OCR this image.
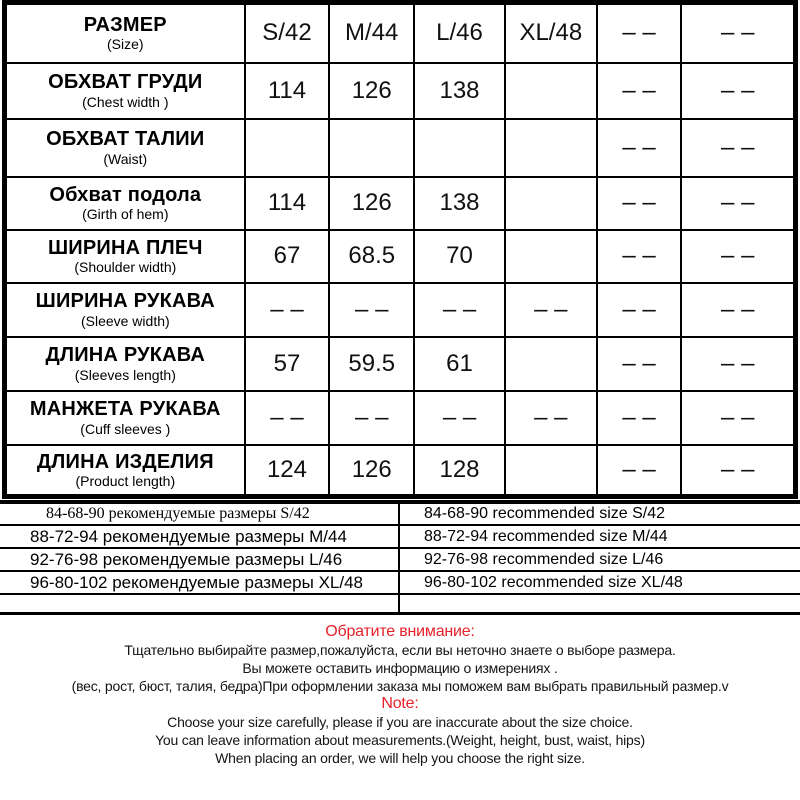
РАЗМЕР
(Size)	S/42	M/44	L/46	XL/48	– –	– –

ОБХВАТ ГРУДИ
(Chest width )	114	126	138		– –	– –

ОБХВАТ ТАЛИИ
(Waist)					– –	– –

Обхват подола
(Girth of hem)	114	126	138		– –	– –

ШИРИНА ПЛЕЧ
(Shoulder width)	67	68.5	70		– –	– –

ШИРИНА РУКАВА
(Sleeve width)	– –	– –	– –	– –	– –	– –

ДЛИНА РУКАВА
(Sleeves length)	57	59.5	61		– –	– –

МАНЖЕТА РУКАВА
(Cuff sleeves )	– –	– –	– –	– –	– –	– –

ДЛИНА ИЗДЕЛИЯ
(Product length)	124	126	128		– –	– –
84-68-90 рекомендуемые размеры S/42	84-68-90 recommended size S/42
88-72-94 рекомендуемые размеры M/44	88-72-94 recommended size M/44
92-76-98 рекомендуемые размеры L/46	92-76-98 recommended size L/46
96-80-102 рекомендуемые размеры XL/48	96-80-102 recommended size XL/48

Обратите внимание:
Тщательно выбирайте размер,пожалуйста, если вы неточно знаете о выборе размера.
Вы можете оставить информацию о измерениях .
(вес, рост, бюст, талия, бедра)При оформлении заказа мы поможем вам выбрать правильный размер.v
Note:
Choose your size carefully, please if you are inaccurate about the size choice.
You can leave information about measurements.(Weight, height, bust, waist, hips)
When placing an order, we will help you choose the right size.
